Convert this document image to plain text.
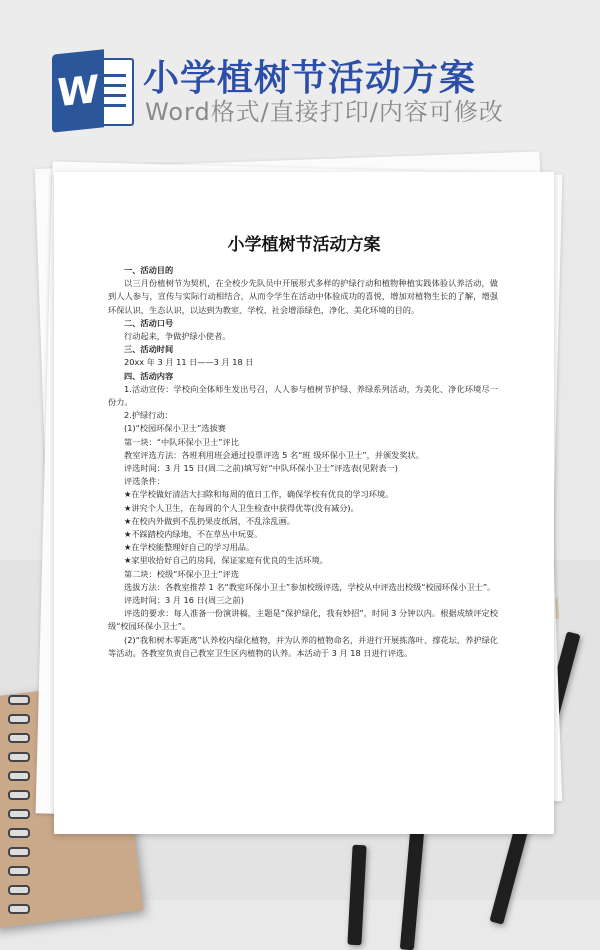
W 小学植树节活动方案
Word格式/直接打印/内容可修改
小学植树节活动方案

一、活动目的

以三月份植树节为契机，在全校少先队员中开展形式多样的护绿行动和植物种植实践体验认养活动，做到人人参与，宣传与实际行动相结合，从而令学生在活动中体验成功的喜悦，增加对植物生长的了解，增强环保认识，生态认识，以达到为教室、学校、社会增添绿色，净化、美化环境的目的。

二、活动口号

行动起来，争做护绿小使者。

三、活动时间

20xx 年 3 月 11 日——3 月 18 日

四、活动内容

1.活动宣传：学校向全体师生发出号召，人人参与植树节护绿、养绿系列活动，为美化、净化环境尽一份力。

2.护绿行动：

(1)“校园环保小卫士”选拔赛

第一块：“中队环保小卫士”评比

教室评选方法：各班利用班会通过投票评选 5 名“班 级环保小卫士”，并颁发奖状。

评选时间：3 月 15 日(周二之前)填写好“中队环保小卫士”评选表(见附表一)

评选条件：

★在学校做好清洁大扫除和每周的值日工作，确保学校有优良的学习环境。

★讲究个人卫生，在每周的个人卫生检查中获得优等(没有减分)。

★在校内外做到不乱扔果皮纸屑，不乱涂乱画。

★不踩踏校内绿地，不在草丛中玩耍。

★在学校能整理好自己的学习用品。

★家里收拾好自己的房间，保证家庭有优良的生活环境。

第二块：校级“环保小卫士”评选

选拔方法：各教室推荐 1 名“教室环保小卫士”参加校级评选，学校从中评选出校级“校园环保小卫士”。

评选时间：3 月 16 日(周三之前)

评选的要求：每人准备一份演讲稿，主题是“保护绿化，我有妙招”，时间 3 分钟以内。根据成绩评定校级“校园环保小卫士”。

(2)“我和树木零距离”认养校内绿化植物，并为认养的植物命名，并进行开展拣落叶、撑花坛、养护绿化等活动。各教室负责自己教室卫生区内植物的认养。本活动于 3 月 18 日进行评选。
